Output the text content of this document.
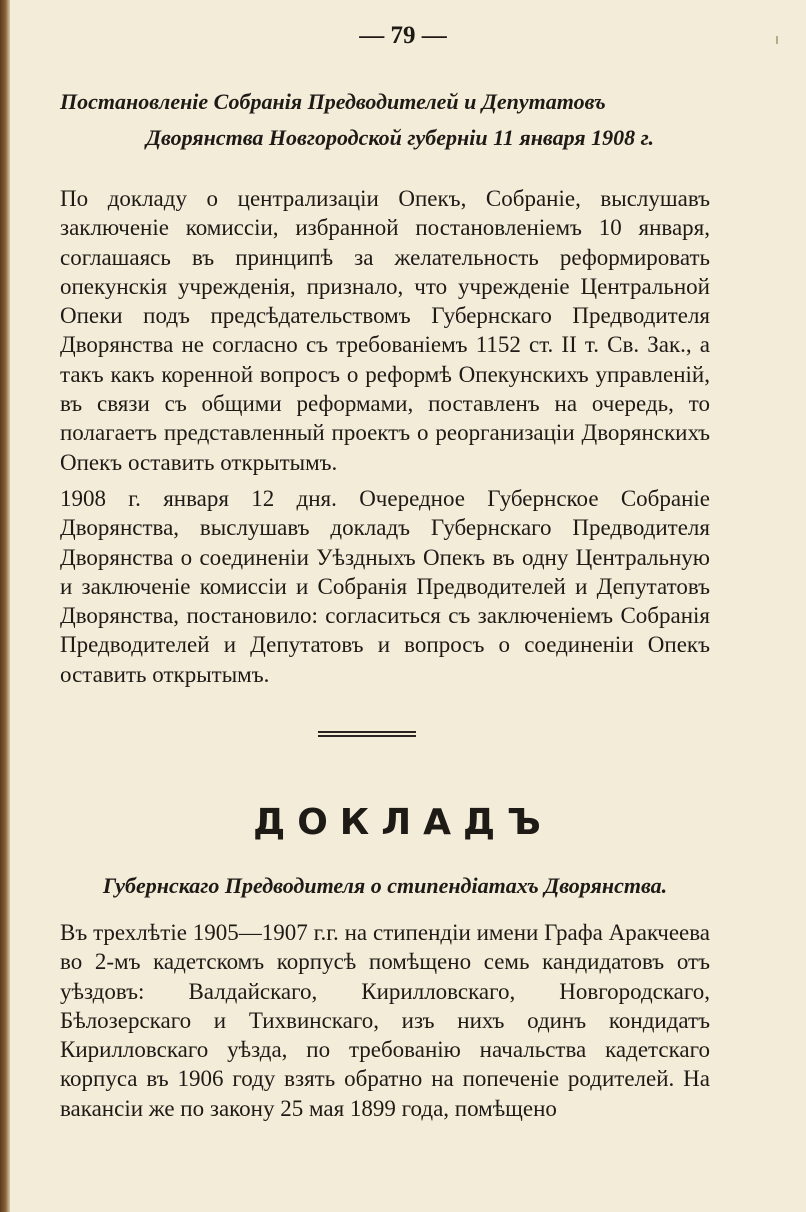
— 79 —
Постановленіе Собранія Предводителей и Депутатовъ
Дворянства Новгородской губерніи 11 января 1908 г.

По докладу о централизаціи Опекъ, Собраніе, выслушавъ заключеніе комиссіи, избранной постановленіемъ 10 января, соглашаясь въ принципѣ за желательность реформировать опекунскія учрежденія, признало, что учрежденіе Центральной Опеки подъ предсѣдательствомъ Губернскаго Предводителя Дворянства не согласно съ требованіемъ 1152 ст. II т. Св. Зак., а такъ какъ коренной вопросъ о реформѣ Опекунскихъ управленій, въ связи съ общими реформами, поставленъ на очередь, то полагаетъ представленный проектъ о реорганизаціи Дворянскихъ Опекъ оставить открытымъ.

1908 г. января 12 дня. Очередное Губернское Собраніе Дворянства, выслушавъ докладъ Губернскаго Предводителя Дворянства о соединеніи Уѣздныхъ Опекъ въ одну Центральную и заключеніе комиссіи и Собранія Предводителей и Депутатовъ Дворянства, постановило: согласиться съ заключеніемъ Собранія Предводителей и Депутатовъ и вопросъ о соединеніи Опекъ оставить открытымъ.

ДОКЛАДЪ
Губернскаго Предводителя о стипендіатахъ Дворянства.

Въ трехлѣтіе 1905—1907 г.г. на стипендіи имени Графа Аракчеева во 2-мъ кадетскомъ корпусѣ помѣщено семь кандидатовъ отъ уѣздовъ: Валдайскаго, Кирилловскаго, Новгородскаго, Бѣлозерскаго и Тихвинскаго, изъ нихъ одинъ кондидатъ Кирилловскаго уѣзда, по требованію начальства кадетскаго корпуса въ 1906 году взять обратно на попеченіе родителей. На вакансіи же по закону 25 мая 1899 года, помѣщено
